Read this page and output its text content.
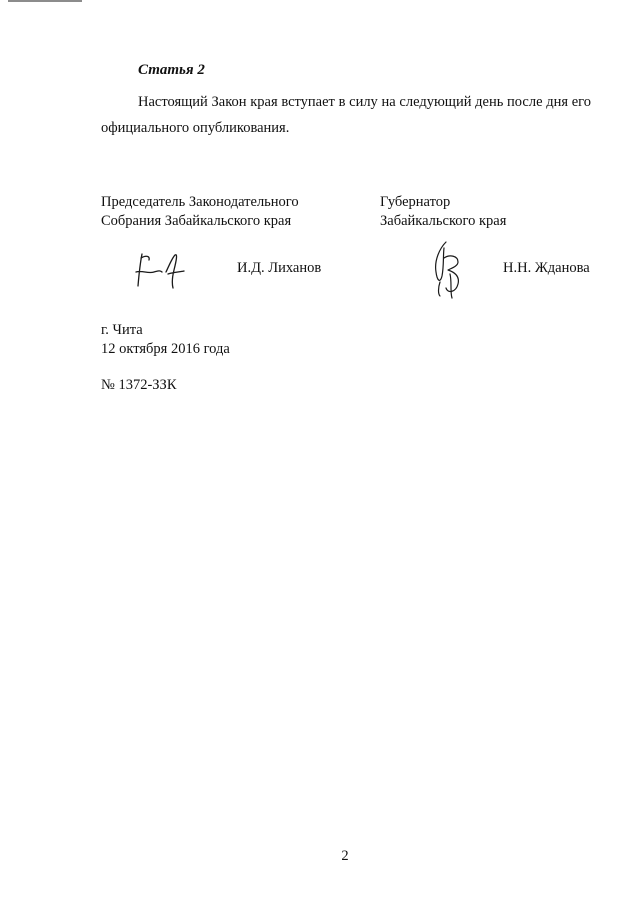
Статья 2
Настоящий Закон края вступает в силу на следующий день после дня его официального опубликования.
Председатель Законодательного
Собрания Забайкальского края
Губернатор
Забайкальского края
И.Д. Лиханов	Н.Н. Жданова
г. Чита
12 октября 2016 года
№ 1372-ЗЗК
2
